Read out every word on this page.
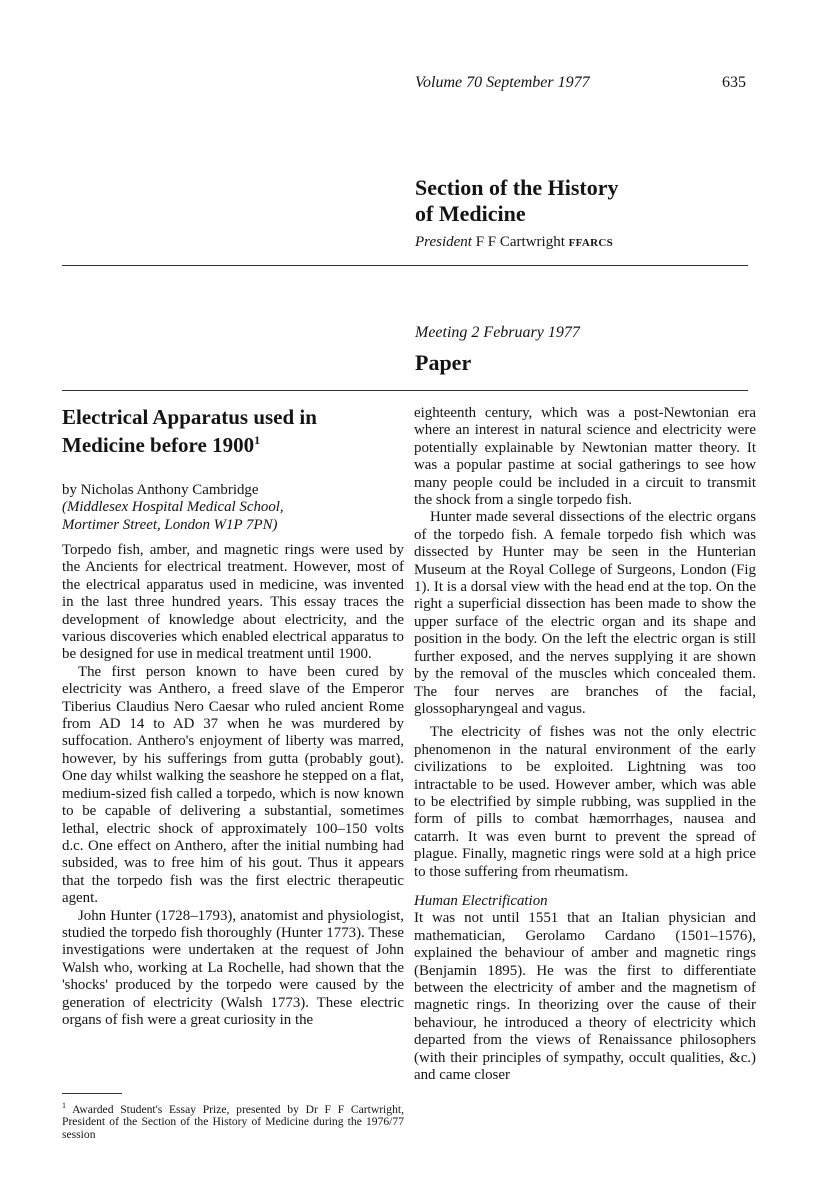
Volume 70 September 1977	635
Section of the History
of Medicine
President F F Cartwright FFARCS
Meeting 2 February 1977
Paper
Electrical Apparatus used in
Medicine before 1900$^1$
by Nicholas Anthony Cambridge
(Middlesex Hospital Medical School,
Mortimer Street, London W1P 7PN)

Torpedo fish, amber, and magnetic rings were used by the Ancients for electrical treatment. However, most of the electrical apparatus used in medicine, was invented in the last three hundred years. This essay traces the development of knowledge about electricity, and the various discoveries which enabled electrical apparatus to be designed for use in medical treatment until 1900.

The first person known to have been cured by electricity was Anthero, a freed slave of the Emperor Tiberius Claudius Nero Caesar who ruled ancient Rome from AD 14 to AD 37 when he was murdered by suffocation. Anthero's enjoyment of liberty was marred, however, by his sufferings from gutta (probably gout). One day whilst walking the seashore he stepped on a flat, medium-sized fish called a torpedo, which is now known to be capable of delivering a substantial, sometimes lethal, electric shock of approximately 100–150 volts d.c. One effect on Anthero, after the initial numbing had subsided, was to free him of his gout. Thus it appears that the torpedo fish was the first electric therapeutic agent.

John Hunter (1728–1793), anatomist and physiologist, studied the torpedo fish thoroughly (Hunter 1773). These investigations were undertaken at the request of John Walsh who, working at La Rochelle, had shown that the 'shocks' produced by the torpedo were caused by the generation of electricity (Walsh 1773). These electric organs of fish were a great curiosity in the

$^1$ Awarded Student's Essay Prize, presented by Dr F F Cartwright, President of the Section of the History of Medicine during the 1976/77 session

eighteenth century, which was a post-Newtonian era where an interest in natural science and electricity were potentially explainable by Newtonian matter theory. It was a popular pastime at social gatherings to see how many people could be included in a circuit to transmit the shock from a single torpedo fish.

Hunter made several dissections of the electric organs of the torpedo fish. A female torpedo fish which was dissected by Hunter may be seen in the Hunterian Museum at the Royal College of Surgeons, London (Fig 1). It is a dorsal view with the head end at the top. On the right a superficial dissection has been made to show the upper surface of the electric organ and its shape and position in the body. On the left the electric organ is still further exposed, and the nerves supplying it are shown by the removal of the muscles which concealed them. The four nerves are branches of the facial, glossopharyngeal and vagus.

The electricity of fishes was not the only electric phenomenon in the natural environment of the early civilizations to be exploited. Lightning was too intractable to be used. However amber, which was able to be electrified by simple rubbing, was supplied in the form of pills to combat hæmorrhages, nausea and catarrh. It was even burnt to prevent the spread of plague. Finally, magnetic rings were sold at a high price to those suffering from rheumatism.

Human Electrification

It was not until 1551 that an Italian physician and mathematician, Gerolamo Cardano (1501–1576), explained the behaviour of amber and magnetic rings (Benjamin 1895). He was the first to differentiate between the electricity of amber and the magnetism of magnetic rings. In theorizing over the cause of their behaviour, he introduced a theory of electricity which departed from the views of Renaissance philosophers (with their principles of sympathy, occult qualities, &c.) and came closer
